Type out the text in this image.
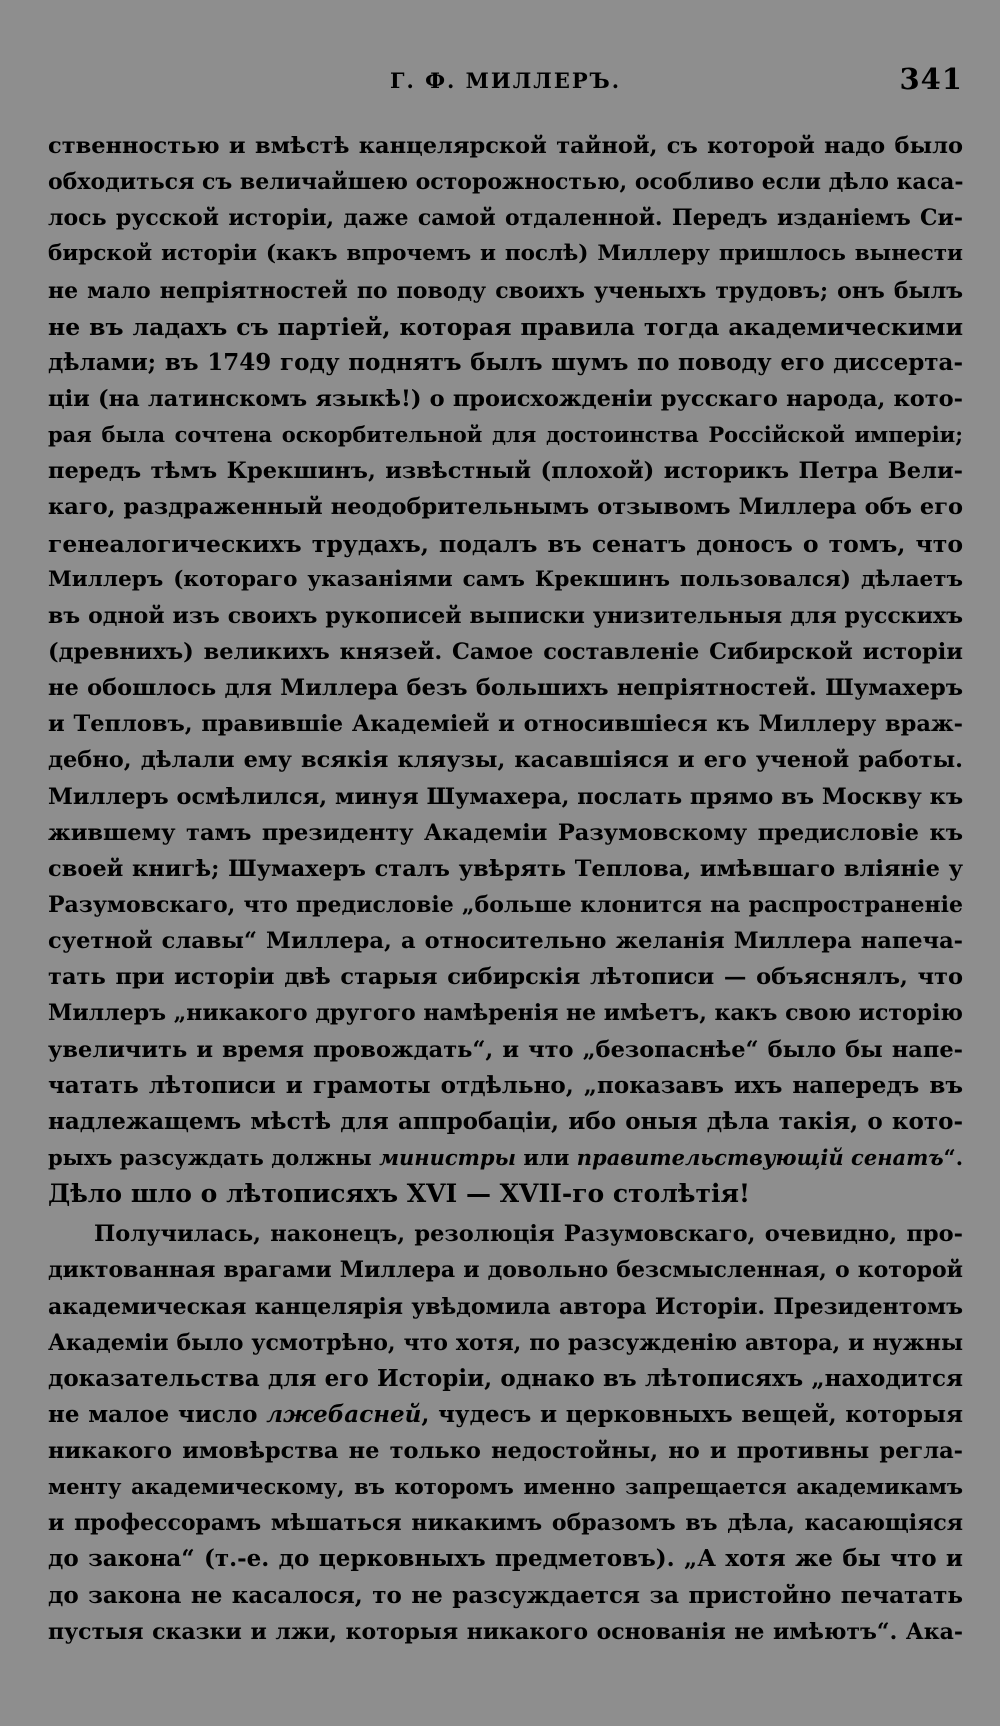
Г. Ф. МИЛЛЕРЪ.	341
ственностью и вмѣстѣ канцелярской тайной, съ которой надо было
обходиться съ величайшею осторожностью, особливо если дѣло каса-
лось русской исторіи, даже самой отдаленной. Передъ изданіемъ Си-
бирской исторіи (какъ впрочемъ и послѣ) Миллеру пришлось вынести
не мало непріятностей по поводу своихъ ученыхъ трудовъ; онъ былъ
не въ ладахъ съ партіей, которая правила тогда академическими
дѣлами; въ 1749 году поднятъ былъ шумъ по поводу его диссерта-
ціи (на латинскомъ языкѣ!) о происхожденіи русскаго народа, кото-
рая была сочтена оскорбительной для достоинства Россійской имперіи;
передъ тѣмъ Крекшинъ, извѣстный (плохой) историкъ Петра Вели-
каго, раздраженный неодобрительнымъ отзывомъ Миллера объ его
генеалогическихъ трудахъ, подалъ въ сенатъ доносъ о томъ, что
Миллеръ (котораго указаніями самъ Крекшинъ пользовался) дѣлаетъ
въ одной изъ своихъ рукописей выписки унизительныя для русскихъ
(древнихъ) великихъ князей. Самое составленіе Сибирской исторіи
не обошлось для Миллера безъ большихъ непріятностей. Шумахеръ
и Тепловъ, правившіе Академіей и относившіеся къ Миллеру враж-
дебно, дѣлали ему всякія кляузы, касавшіяся и его ученой работы.
Миллеръ осмѣлился, минуя Шумахера, послать прямо въ Москву къ
жившему тамъ президенту Академіи Разумовскому предисловіе къ
своей книгѣ; Шумахеръ сталъ увѣрять Теплова, имѣвшаго вліяніе у
Разумовскаго, что предисловіе „больше клонится на распространеніе
суетной славы“ Миллера, а относительно желанія Миллера напеча-
тать при исторіи двѣ старыя сибирскія лѣтописи — объяснялъ, что
Миллеръ „никакого другого намѣренія не имѣетъ, какъ свою исторію
увеличить и время провождать“, и что „безопаснѣе“ было бы напе-
чатать лѣтописи и грамоты отдѣльно, „показавъ ихъ напередъ въ
надлежащемъ мѣстѣ для аппробаціи, ибо оныя дѣла такія, о кото-
рыхъ разсуждать должны министры или правительствующій сенатъ“.
Дѣло шло о лѣтописяхъ XVI — XVII-го столѣтія!
Получилась, наконецъ, резолюція Разумовскаго, очевидно, про-
диктованная врагами Миллера и довольно безсмысленная, о которой
академическая канцелярія увѣдомила автора Исторіи. Президентомъ
Академіи было усмотрѣно, что хотя, по разсужденію автора, и нужны
доказательства для его Исторіи, однако въ лѣтописяхъ „находится
не малое число лжебасней, чудесъ и церковныхъ вещей, которыя
никакого имовѣрства не только недостойны, но и противны регла-
менту академическому, въ которомъ именно запрещается академикамъ
и профессорамъ мѣшаться никакимъ образомъ въ дѣла, касающіяся
до закона“ (т.-е. до церковныхъ предметовъ). „А хотя же бы что и
до закона не касалося, то не разсуждается за пристойно печатать
пустыя сказки и лжи, которыя никакого основанія не имѣютъ“. Ака-
